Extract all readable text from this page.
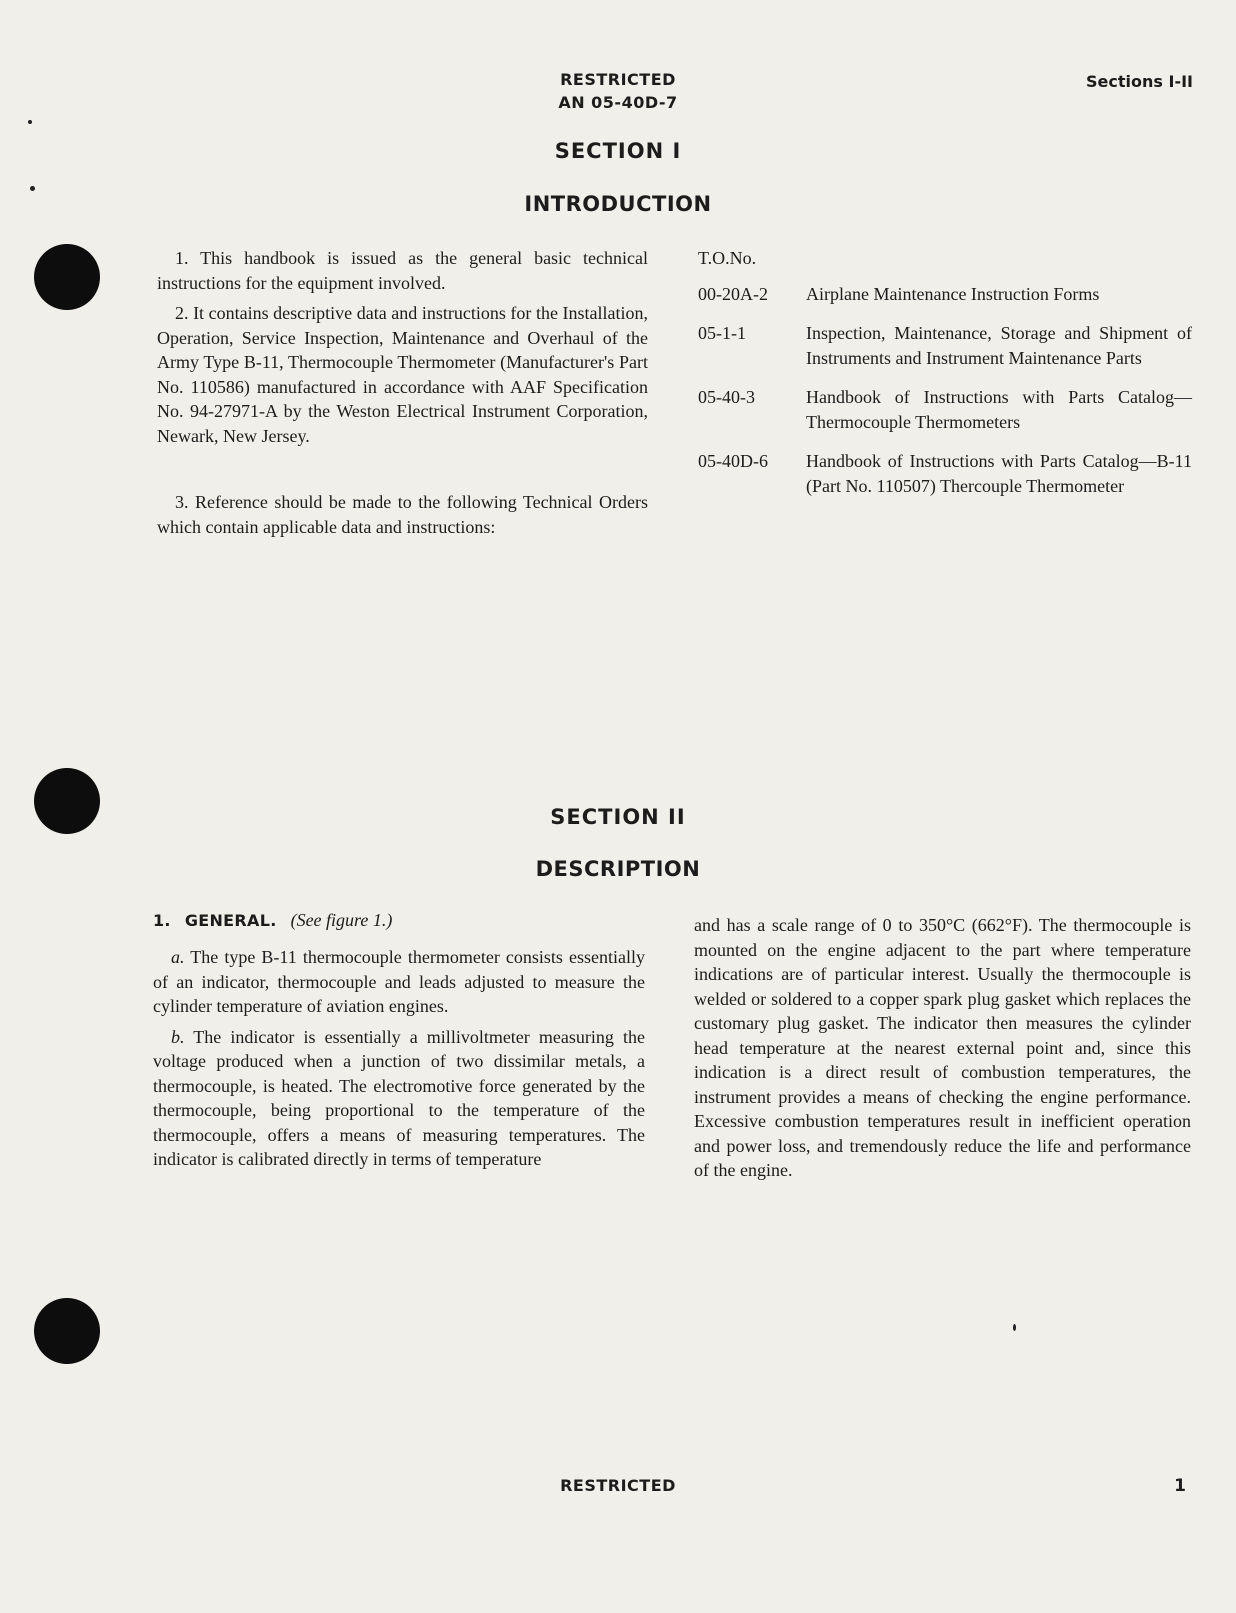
RESTRICTED
AN 05-40D-7
Sections I-II
SECTION I
INTRODUCTION

1. This handbook is issued as the general basic technical instructions for the equipment involved.

2. It contains descriptive data and instructions for the Installation, Operation, Service Inspection, Maintenance and Overhaul of the Army Type B-11, Thermocouple Thermometer (Manufacturer's Part No. 110586) manufactured in accordance with AAF Specification No. 94-27971-A by the Weston Electrical Instrument Corporation, Newark, New Jersey.

3. Reference should be made to the following Technical Orders which contain applicable data and instructions:

T.O.No.
00-20A-2	Airplane Maintenance Instruction Forms
05-1-1	Inspection, Maintenance, Storage and Shipment of Instruments and Instrument Maintenance Parts
05-40-3	Handbook of Instructions with Parts Catalog—Thermocouple Thermometers
05-40D-6	Handbook of Instructions with Parts Catalog—B-11 (Part No. 110507) Thercouple Thermometer
SECTION II
DESCRIPTION
1. GENERAL. (See figure 1.)

a. The type B-11 thermocouple thermometer consists essentially of an indicator, thermocouple and leads adjusted to measure the cylinder temperature of aviation engines.

b. The indicator is essentially a millivoltmeter measuring the voltage produced when a junction of two dissimilar metals, a thermocouple, is heated. The electromotive force generated by the thermocouple, being proportional to the temperature of the thermocouple, offers a means of measuring temperatures. The indicator is calibrated directly in terms of temperature

and has a scale range of 0 to 350°C (662°F). The thermocouple is mounted on the engine adjacent to the part where temperature indications are of particular interest. Usually the thermocouple is welded or soldered to a copper spark plug gasket which replaces the customary plug gasket. The indicator then measures the cylinder head temperature at the nearest external point and, since this indication is a direct result of combustion temperatures, the instrument provides a means of checking the engine performance. Excessive combustion temperatures result in inefficient operation and power loss, and tremendously reduce the life and performance of the engine.

RESTRICTED	1
